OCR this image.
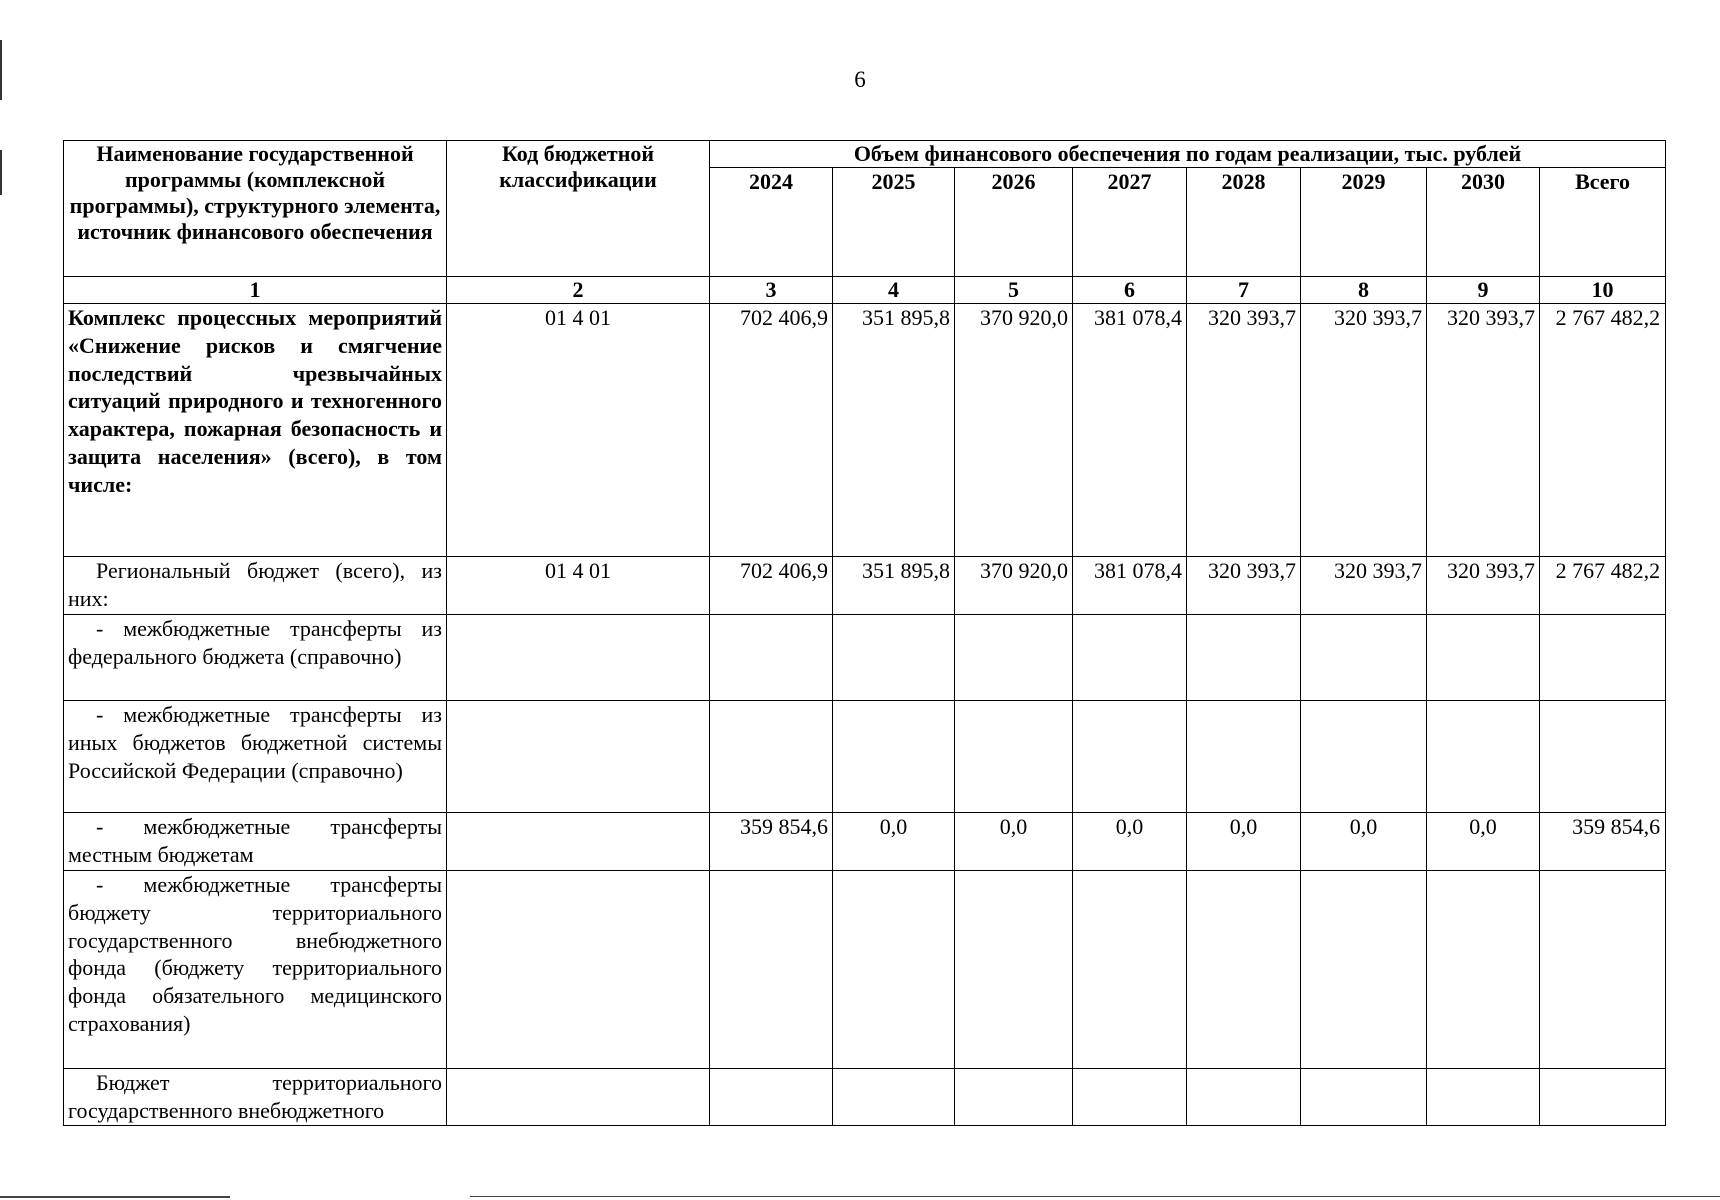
6
Наименование государственной программы (комплексной программы), структурного элемента, источник финансового обеспечения	Код бюджетной классификации	Объем финансового обеспечения по годам реализации, тыс. рублей							
		2024	2025	2026	2027	2028	2029	2030	Всего
1	2	3	4	5	6	7	8	9	10
Комплекс процессных мероприятий «Снижение рисков и смягчение последствий чрезвычайных ситуаций природного и техногенного характера, пожарная безопасность и защита населения» (всего), в том числе:	01 4 01	702 406,9	351 895,8	370 920,0	381 078,4	320 393,7	320 393,7	320 393,7	2 767 482,2
Региональный бюджет (всего), из них:	01 4 01	702 406,9	351 895,8	370 920,0	381 078,4	320 393,7	320 393,7	320 393,7	2 767 482,2
- межбюджетные трансферты из федерального бюджета (справочно)									
- межбюджетные трансферты из иных бюджетов бюджетной системы Российской Федерации (справочно)									
- межбюджетные трансферты местным бюджетам		359 854,6	0,0	0,0	0,0	0,0	0,0	0,0	359 854,6
- межбюджетные трансферты бюджету территориального государственного внебюджетного фонда (бюджету территориального фонда обязательного медицинского страхования)									
Бюджет территориального государственного внебюджетного									
